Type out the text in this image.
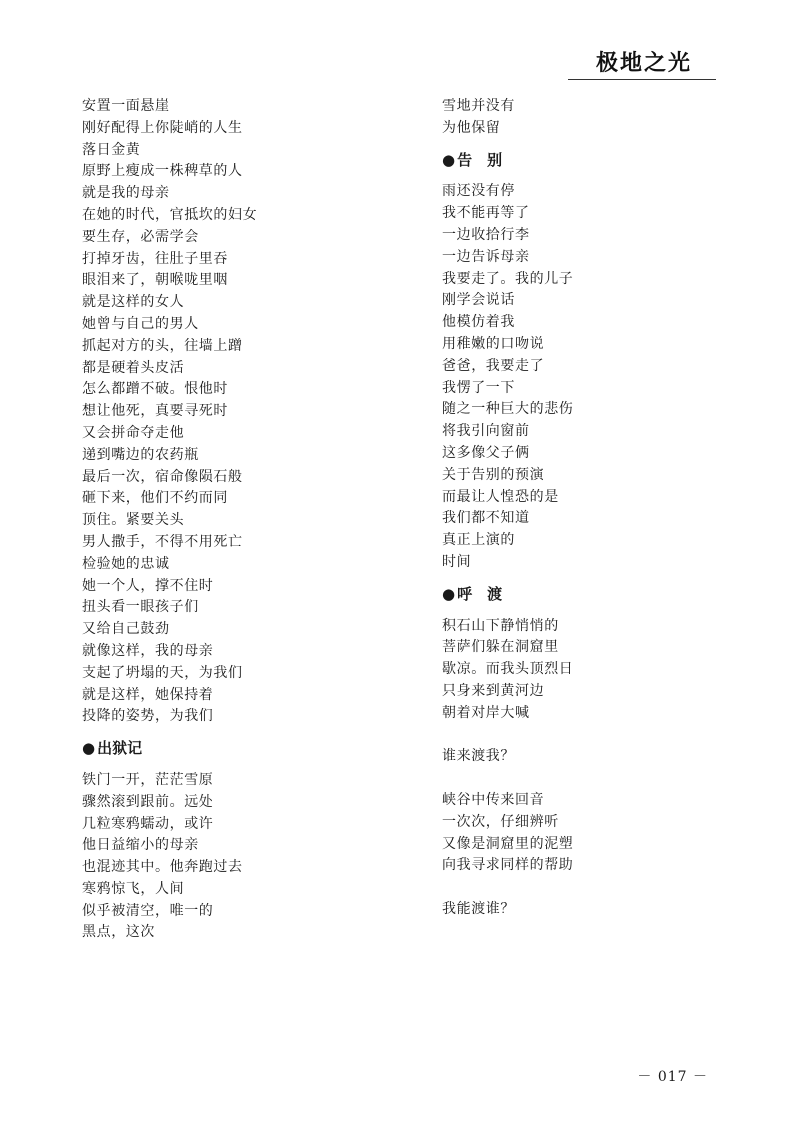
极地之光
安置一面悬崖
刚好配得上你陡峭的人生
落日金黄
原野上瘦成一株稗草的人
就是我的母亲
在她的时代，官抵坎的妇女
要生存，必需学会
打掉牙齿，往肚子里吞
眼泪来了，朝喉咙里咽
就是这样的女人
她曾与自己的男人
抓起对方的头，往墙上蹭
都是硬着头皮活
怎么都蹭不破。恨他时
想让他死，真要寻死时
又会拼命夺走他
递到嘴边的农药瓶
最后一次，宿命像陨石般
砸下来，他们不约而同
顶住。紧要关头
男人撒手，不得不用死亡
检验她的忠诚
她一个人，撑不住时
扭头看一眼孩子们
又给自己鼓劲
就像这样，我的母亲
支起了坍塌的天，为我们
就是这样，她保持着
投降的姿势，为我们
● 出狱记
铁门一开，茫茫雪原
骤然滚到跟前。远处
几粒寒鸦蠕动，或许
他日益缩小的母亲
也混迹其中。他奔跑过去
寒鸦惊飞，人间
似乎被清空，唯一的
黑点，这次
雪地并没有
为他保留
● 告　别
雨还没有停
我不能再等了
一边收拾行李
一边告诉母亲
我要走了。我的儿子
刚学会说话
他模仿着我
用稚嫩的口吻说
爸爸，我要走了
我愣了一下
随之一种巨大的悲伤
将我引向窗前
这多像父子俩
关于告别的预演
而最让人惶恐的是
我们都不知道
真正上演的
时间
● 呼　渡
积石山下静悄悄的
菩萨们躲在洞窟里
歇凉。而我头顶烈日
只身来到黄河边
朝着对岸大喊
谁来渡我？
峡谷中传来回音
一次次，仔细辨听
又像是洞窟里的泥塑
向我寻求同样的帮助
我能渡谁？
－ 017 －
